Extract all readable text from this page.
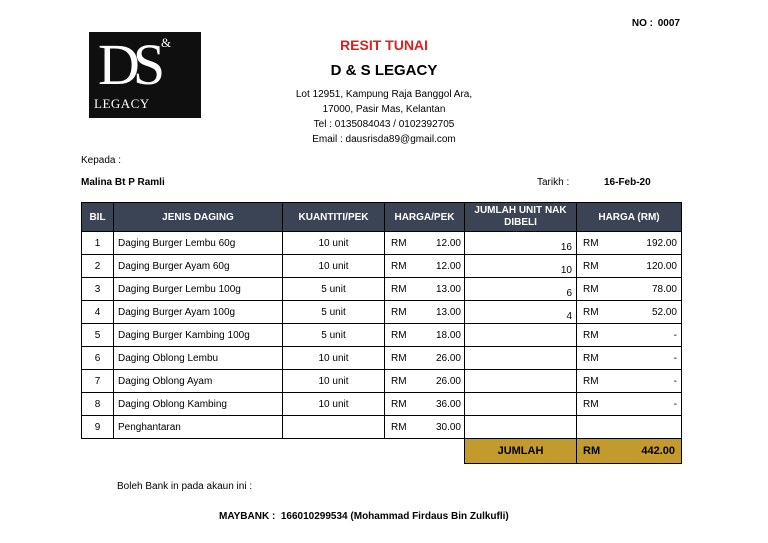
NO : 0007
DS &
LEGACY
RESIT TUNAI
D & S LEGACY
Lot 12951, Kampung Raja Banggol Ara,
17000, Pasir Mas, Kelantan
Tel : 0135084043 / 0102392705
Email : dausrisda89@gmail.com
Kepada :
Malina Bt P Ramli	Tarikh :	16-Feb-20
BIL	JENIS DAGING	KUANTITI/PEK	HARGA/PEK	JUMLAH UNIT NAK DIBELI	HARGA (RM)
1	Daging Burger Lembu 60g	10 unit	RM 12.00	16	RM 192.00

2	Daging Burger Ayam 60g	10 unit	RM 12.00	10	RM 120.00

3	Daging Burger Lembu 100g	5 unit	RM 13.00	6	RM 78.00

4	Daging Burger Ayam 100g	5 unit	RM 13.00	4	RM 52.00

5	Daging Burger Kambing 100g	5 unit	RM 18.00		RM -

6	Daging Oblong Lembu	10 unit	RM 26.00		RM -

7	Daging Oblong Ayam	10 unit	RM 26.00		RM -

8	Daging Oblong Kambing	10 unit	RM 36.00		RM -

9	Penghantaran		RM 30.00		

				JUMLAH	RM 442.00
Boleh Bank in pada akaun ini :
MAYBANK : 166010299534 (Mohammad Firdaus Bin Zulkufli)
